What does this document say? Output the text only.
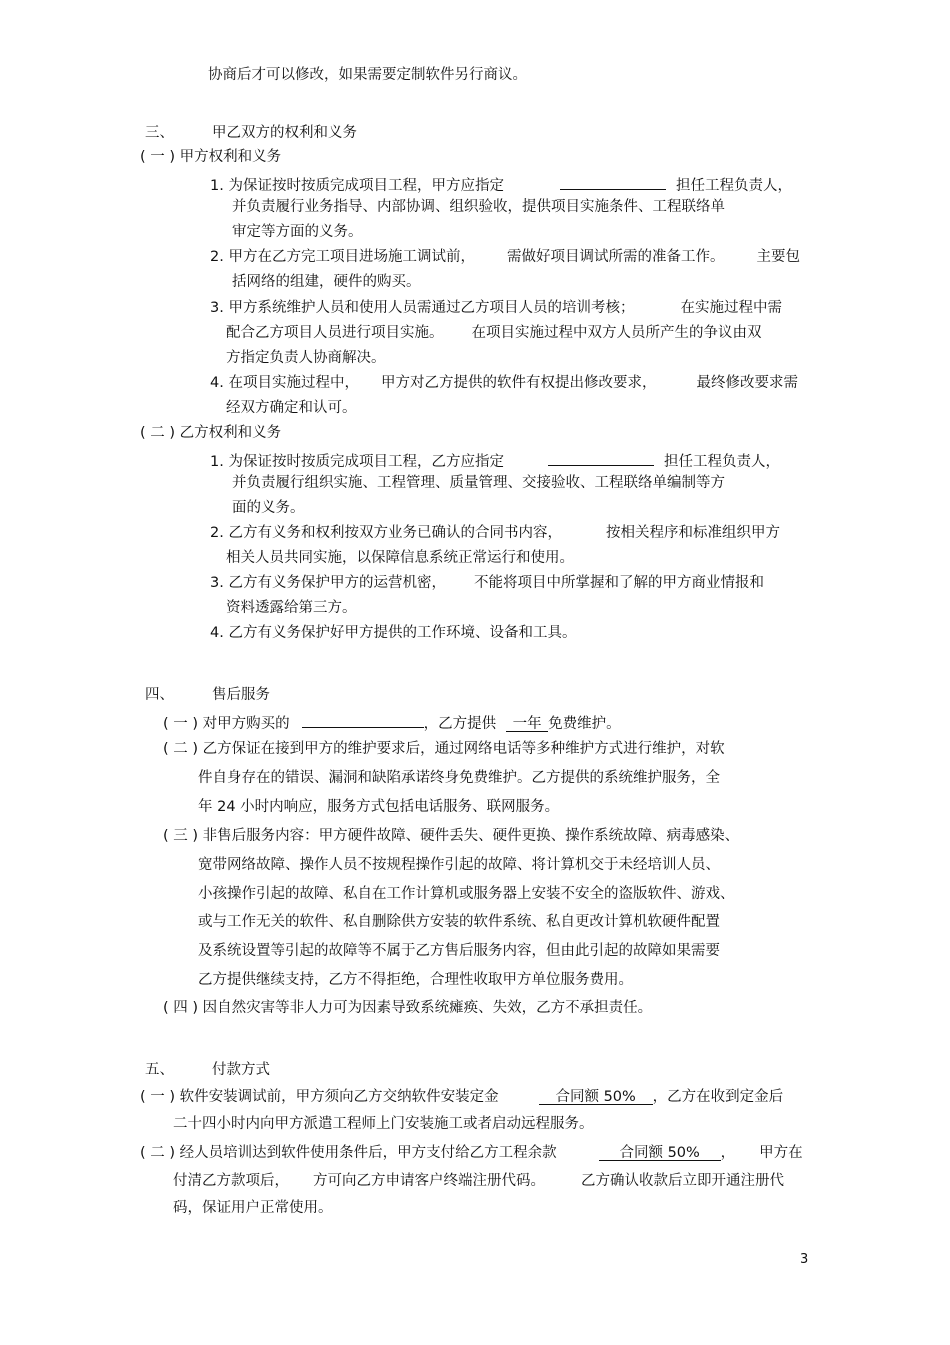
协商后才可以修改，如果需要定制软件另行商议。
三、	甲乙双方的权利和义务
( 一 ) 甲方权利和义务
1. 为保证按时按质完成项目工程，甲方应指定	担任工程负责人，
并负责履行业务指导、内部协调、组织验收，提供项目实施条件、工程联络单
审定等方面的义务。
2. 甲方在乙方完工项目进场施工调试前， 需做好项目调试所需的准备工作。 主要包
括网络的组建，硬件的购买。
3. 甲方系统维护人员和使用人员需通过乙方项目人员的培训考核；	在实施过程中需
配合乙方项目人员进行项目实施。 在项目实施过程中双方人员所产生的争议由双
方指定负责人协商解决。
4. 在项目实施过程中， 甲方对乙方提供的软件有权提出修改要求，	最终修改要求需
经双方确定和认可。
( 二 ) 乙方权利和义务
1. 为保证按时按质完成项目工程，乙方应指定	担任工程负责人，
并负责履行组织实施、工程管理、质量管理、交接验收、工程联络单编制等方
面的义务。
2. 乙方有义务和权利按双方业务已确认的合同书内容，	按相关程序和标准组织甲方
相关人员共同实施，以保障信息系统正常运行和使用。
3. 乙方有义务保护甲方的运营机密， 不能将项目中所掌握和了解的甲方商业情报和
资料透露给第三方。
4. 乙方有义务保护好甲方提供的工作环境、设备和工具。
四、	售后服务
( 一 ) 对甲方购买的	，乙方提供 一年 免费维护。
( 二 ) 乙方保证在接到甲方的维护要求后，通过网络电话等多种维护方式进行维护，对软
件自身存在的错误、漏洞和缺陷承诺终身免费维护。乙方提供的系统维护服务，全
年 24 小时内响应，服务方式包括电话服务、联网服务。
( 三 ) 非售后服务内容：甲方硬件故障、硬件丢失、硬件更换、操作系统故障、病毒感染、
宽带网络故障、操作人员不按规程操作引起的故障、将计算机交于未经培训人员、
小孩操作引起的故障、私自在工作计算机或服务器上安装不安全的盗版软件、游戏、
或与工作无关的软件、私自删除供方安装的软件系统、私自更改计算机软硬件配置
及系统设置等引起的故障等不属于乙方售后服务内容，但由此引起的故障如果需要
乙方提供继续支持，乙方不得拒绝，合理性收取甲方单位服务费用。
( 四 ) 因自然灾害等非人力可为因素导致系统瘫痪、失效，乙方不承担责任。
五、	付款方式
( 一 ) 软件安装调试前，甲方须向乙方交纳软件安装定金	合同额 50% ，乙方在收到定金后
二十四小时内向甲方派遣工程师上门安装施工或者启动远程服务。
( 二 ) 经人员培训达到软件使用条件后，甲方支付给乙方工程余款	合同额 50% ， 甲方在
付清乙方款项后， 方可向乙方申请客户终端注册代码。 乙方确认收款后立即开通注册代
码，保证用户正常使用。
3
